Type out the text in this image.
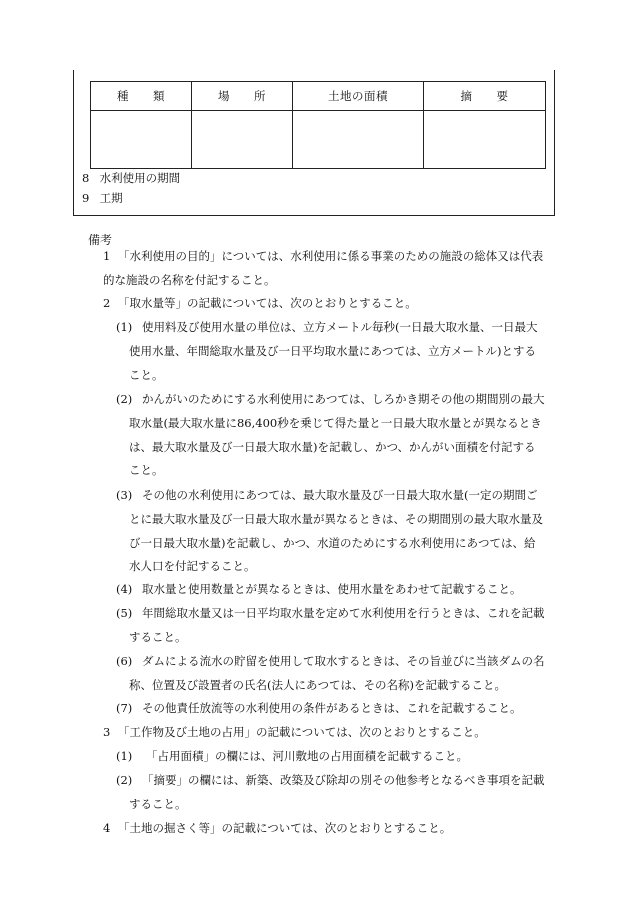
種　　類	場　　所	土地の面積	摘　　要

8 水利使用の期間
9 工期
備考
1 「水利使用の目的」については、水利使用に係る事業のための施設の総体又は代表
的な施設の名称を付記すること。
2 「取水量等」の記載については、次のとおりとすること。
(1) 使用料及び使用水量の単位は、立方メートル毎秒(一日最大取水量、一日最大
使用水量、年間総取水量及び一日平均取水量にあつては、立方メートル)とする
こと。
(2) かんがいのためにする水利使用にあつては、しろかき期その他の期間別の最大
取水量(最大取水量に86,400秒を乗じて得た量と一日最大取水量とが異なるとき
は、最大取水量及び一日最大取水量)を記載し、かつ、かんがい面積を付記する
こと。
(3) その他の水利使用にあつては、最大取水量及び一日最大取水量(一定の期間ご
とに最大取水量及び一日最大取水量が異なるときは、その期間別の最大取水量及
び一日最大取水量)を記載し、かつ、水道のためにする水利使用にあつては、給
水人口を付記すること。
(4) 取水量と使用数量とが異なるときは、使用水量をあわせて記載すること。
(5) 年間総取水量又は一日平均取水量を定めて水利使用を行うときは、これを記載
すること。
(6) ダムによる流水の貯留を使用して取水するときは、その旨並びに当該ダムの名
称、位置及び設置者の氏名(法人にあつては、その名称)を記載すること。
(7) その他責任放流等の水利使用の条件があるときは、これを記載すること。
3 「工作物及び土地の占用」の記載については、次のとおりとすること。
(1) 「占用面積」の欄には、河川敷地の占用面積を記載すること。
(2) 「摘要」の欄には、新築、改築及び除却の別その他参考となるべき事項を記載
すること。
4 「土地の掘さく等」の記載については、次のとおりとすること。
